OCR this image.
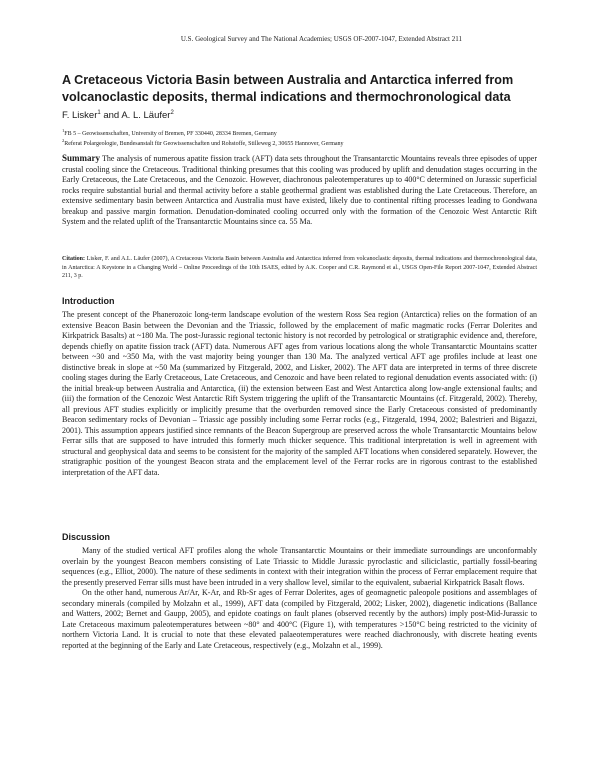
U.S. Geological Survey and The National Academies; USGS OF-2007-1047, Extended Abstract 211
A Cretaceous Victoria Basin between Australia and Antarctica inferred from volcanoclastic deposits, thermal indications and thermochronological data
F. Lisker$^1$ and A. L. Läufer$^2$
$^1$FB 5 – Geowissenschaften, University of Bremen, PF 330440, 28334 Bremen, Germany
$^2$Referat Polargeologie, Bundesanstalt für Geowissenschaften und Rohstoffe, Stilleweg 2, 30655 Hannover, Germany

Summary The analysis of numerous apatite fission track (AFT) data sets throughout the Transantarctic Mountains reveals three episodes of upper crustal cooling since the Cretaceous. Traditional thinking presumes that this cooling was produced by uplift and denudation stages occurring in the Early Cretaceous, the Late Cretaceous, and the Cenozoic. However, diachronous paleotemperatures up to 400°C determined on Jurassic superficial rocks require substantial burial and thermal activity before a stable geothermal gradient was established during the Late Cretaceous. Therefore, an extensive sedimentary basin between Antarctica and Australia must have existed, likely due to continental rifting processes leading to Gondwana breakup and passive margin formation. Denudation-dominated cooling occurred only with the formation of the Cenozoic West Antarctic Rift System and the related uplift of the Transantarctic Mountains since ca. 55 Ma.

Citation: Lisker, F. and A.L. Läufer (2007), A Cretaceous Victoria Basin between Australia and Antarctica inferred from volcanoclastic deposits, thermal indications and thermochronological data, in Antarctica: A Keystone in a Changing World – Online Proceedings of the 10th ISAES, edited by A.K. Cooper and C.R. Raymond et al., USGS Open-File Report 2007-1047, Extended Abstract 211, 3 p.

Introduction

The present concept of the Phanerozoic long-term landscape evolution of the western Ross Sea region (Antarctica) relies on the formation of an extensive Beacon Basin between the Devonian and the Triassic, followed by the emplacement of mafic magmatic rocks (Ferrar Dolerites and Kirkpatrick Basalts) at ~180 Ma. The post-Jurassic regional tectonic history is not recorded by petrological or stratigraphic evidence and, therefore, depends chiefly on apatite fission track (AFT) data. Numerous AFT ages from various locations along the whole Transantarctic Mountains scatter between ~30 and ~350 Ma, with the vast majority being younger than 130 Ma. The analyzed vertical AFT age profiles include at least one distinctive break in slope at ~50 Ma (summarized by Fitzgerald, 2002, and Lisker, 2002). The AFT data are interpreted in terms of three discrete cooling stages during the Early Cretaceous, Late Cretaceous, and Cenozoic and have been related to regional denudation events associated with: (i) the initial break-up between Australia and Antarctica, (ii) the extension between East and West Antarctica along low-angle extensional faults; and (iii) the formation of the Cenozoic West Antarctic Rift System triggering the uplift of the Transantarctic Mountains (cf. Fitzgerald, 2002). Thereby, all previous AFT studies explicitly or implicitly presume that the overburden removed since the Early Cretaceous consisted of predominantly Beacon sedimentary rocks of Devonian – Triassic age possibly including some Ferrar rocks (e.g., Fitzgerald, 1994, 2002; Balestrieri and Bigazzi, 2001). This assumption appears justified since remnants of the Beacon Supergroup are preserved across the whole Transantarctic Mountains below Ferrar sills that are supposed to have intruded this formerly much thicker sequence. This traditional interpretation is well in agreement with structural and geophysical data and seems to be consistent for the majority of the sampled AFT locations when considered separately. However, the stratigraphic position of the youngest Beacon strata and the emplacement level of the Ferrar rocks are in rigorous contrast to the established interpretation of the AFT data.

Discussion

Many of the studied vertical AFT profiles along the whole Transantarctic Mountains or their immediate surroundings are unconformably overlain by the youngest Beacon members consisting of Late Triassic to Middle Jurassic pyroclastic and siliciclastic, partially fossil-bearing sequences (e.g., Elliot, 2000). The nature of these sediments in context with their integration within the process of Ferrar emplacement require that the presently preserved Ferrar sills must have been intruded in a very shallow level, similar to the equivalent, subaerial Kirkpatrick Basalt flows.

On the other hand, numerous Ar/Ar, K-Ar, and Rb-Sr ages of Ferrar Dolerites, ages of geomagnetic paleopole positions and assemblages of secondary minerals (compiled by Molzahn et al., 1999), AFT data (compiled by Fitzgerald, 2002; Lisker, 2002), diagenetic indications (Ballance and Watters, 2002; Bernet and Gaupp, 2005), and epidote coatings on fault planes (observed recently by the authors) imply post-Mid-Jurassic to Late Cretaceous maximum paleotemperatures between ~80° and 400°C (Figure 1), with temperatures >150°C being restricted to the vicinity of northern Victoria Land. It is crucial to note that these elevated palaeotemperatures were reached diachronously, with discrete heating events reported at the beginning of the Early and Late Cretaceous, respectively (e.g., Molzahn et al., 1999).
